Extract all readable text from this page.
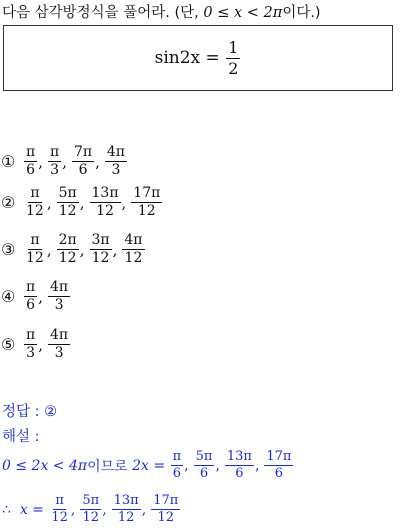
다음 삼각방정식을 풀어라. (단, 0 ≤ x < 2π이다.)
sin2x =
$\frac{1}{2}$
① $\frac{\pi}{6}$ , $\frac{\pi}{3}$ , $\frac{7\pi}{6}$ , $\frac{4\pi}{3}$
② $\frac{\pi}{12}$ , $\frac{5\pi}{12}$ , $\frac{13\pi}{12}$ , $\frac{17\pi}{12}$
③ $\frac{\pi}{12}$ , $\frac{2\pi}{12}$ , $\frac{3\pi}{12}$ , $\frac{4\pi}{12}$
④ $\frac{\pi}{6}$ , $\frac{4\pi}{3}$
⑤ $\frac{\pi}{3}$ , $\frac{4\pi}{3}$
정답 : ②
해설 :
0 ≤ 2x < 4π 이므로
2x =
$\frac{\pi}{6}$ , $\frac{5\pi}{6}$ , $\frac{13\pi}{6}$ , $\frac{17\pi}{6}$
∴
x =
$\frac{\pi}{12}$ , $\frac{5\pi}{12}$ , $\frac{13\pi}{12}$ , $\frac{17\pi}{12}$
